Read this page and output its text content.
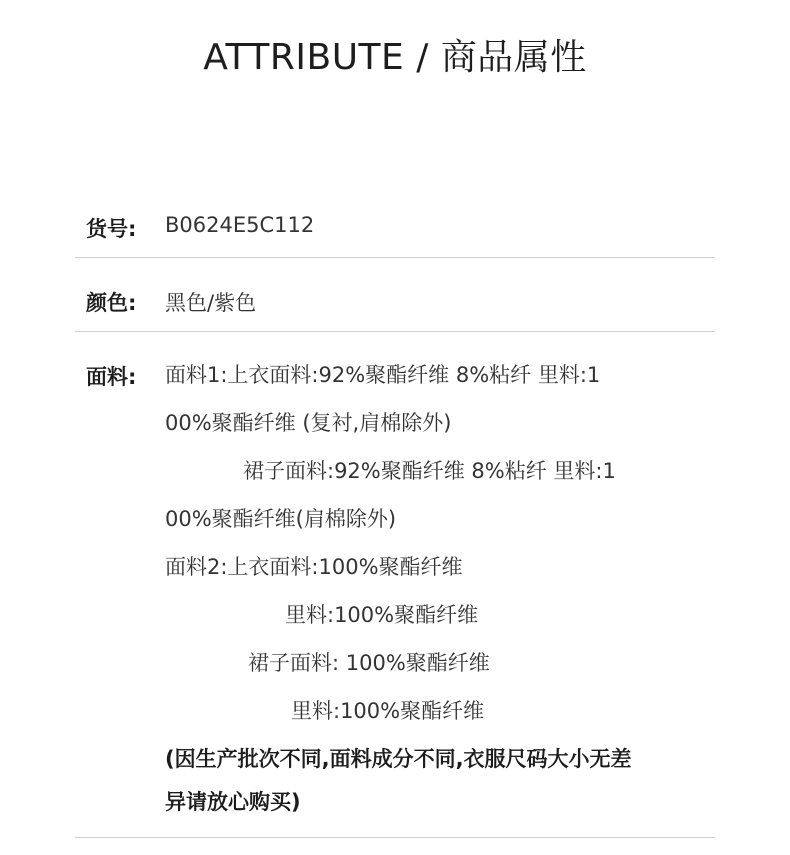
ATTRIBUTE / 商品属性
货号: B0624E5C112
颜色: 黑色/紫色
面料: 面料1:上衣面料:92%聚酯纤维 8%粘纤 里料:1
00%聚酯纤维 (复衬,肩棉除外)
裙子面料:92%聚酯纤维 8%粘纤 里料:1
00%聚酯纤维(肩棉除外)
面料2:上衣面料:100%聚酯纤维
里料:100%聚酯纤维
裙子面料: 100%聚酯纤维
里料:100%聚酯纤维
(因生产批次不同,面料成分不同,衣服尺码大小无差
异请放心购买)
